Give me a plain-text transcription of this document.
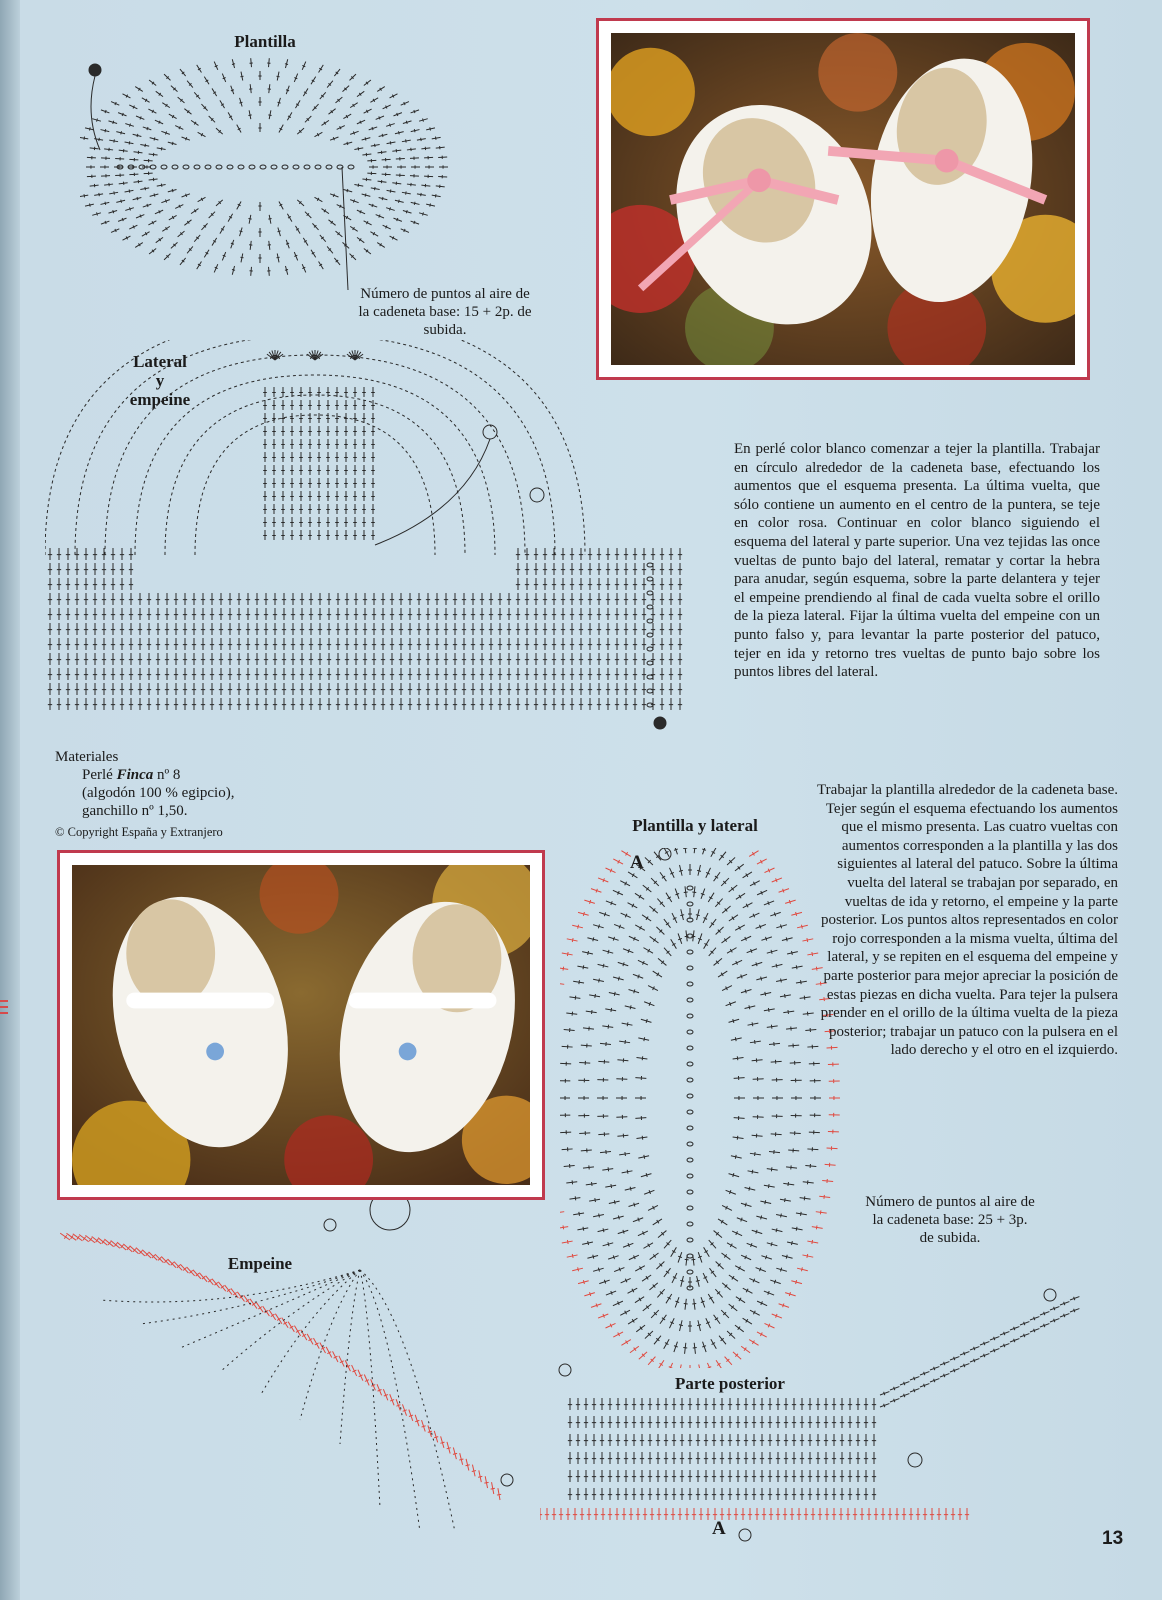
Plantilla
Número de puntos al aire de la cadeneta base: 15 + 2p. de subida.
Lateral
y
empeine
En perlé color blanco comenzar a tejer la plantilla. Trabajar en círculo alrededor de la cadeneta base, efectuando los aumentos que el esquema presenta. La última vuelta, que sólo contiene un aumento en el centro de la puntera, se teje en color rosa. Continuar en color blanco siguiendo el esquema del lateral y parte superior. Una vez tejidas las once vueltas de punto bajo del lateral, rematar y cortar la hebra para anudar, según esquema, sobre la parte delantera y tejer el empeine prendiendo al final de cada vuelta sobre el orillo de la pieza lateral. Fijar la última vuelta del empeine con un punto falso y, para levantar la parte posterior del patuco, tejer en ida y retorno tres vueltas de punto bajo sobre los puntos libres del lateral.
Materiales
Perlé Finca nº 8
(algodón 100 % egipcio),
ganchillo nº 1,50.
© Copyright España y Extranjero	Plantilla y lateral
A
Trabajar la plantilla alrededor de la cadeneta base. Tejer según el esquema efectuando los aumentos que el mismo presenta. Las cuatro vueltas con aumentos corresponden a la plantilla y las dos siguientes al lateral del patuco. Sobre la última vuelta del lateral se trabajan por separado, en vueltas de ida y retorno, el empeine y la parte posterior. Los puntos altos representados en color rojo corresponden a la misma vuelta, última del lateral, y se repiten en el esquema del empeine y parte posterior para mejor apreciar la posición de estas piezas en dicha vuelta. Para tejer la pulsera prender en el orillo de la última vuelta de la pieza posterior; trabajar un patuco con la pulsera en el lado derecho y el otro en el izquierdo.
Número de puntos al aire de la cadeneta base: 25 + 3p. de subida.
Empeine
Parte posterior
A	13
